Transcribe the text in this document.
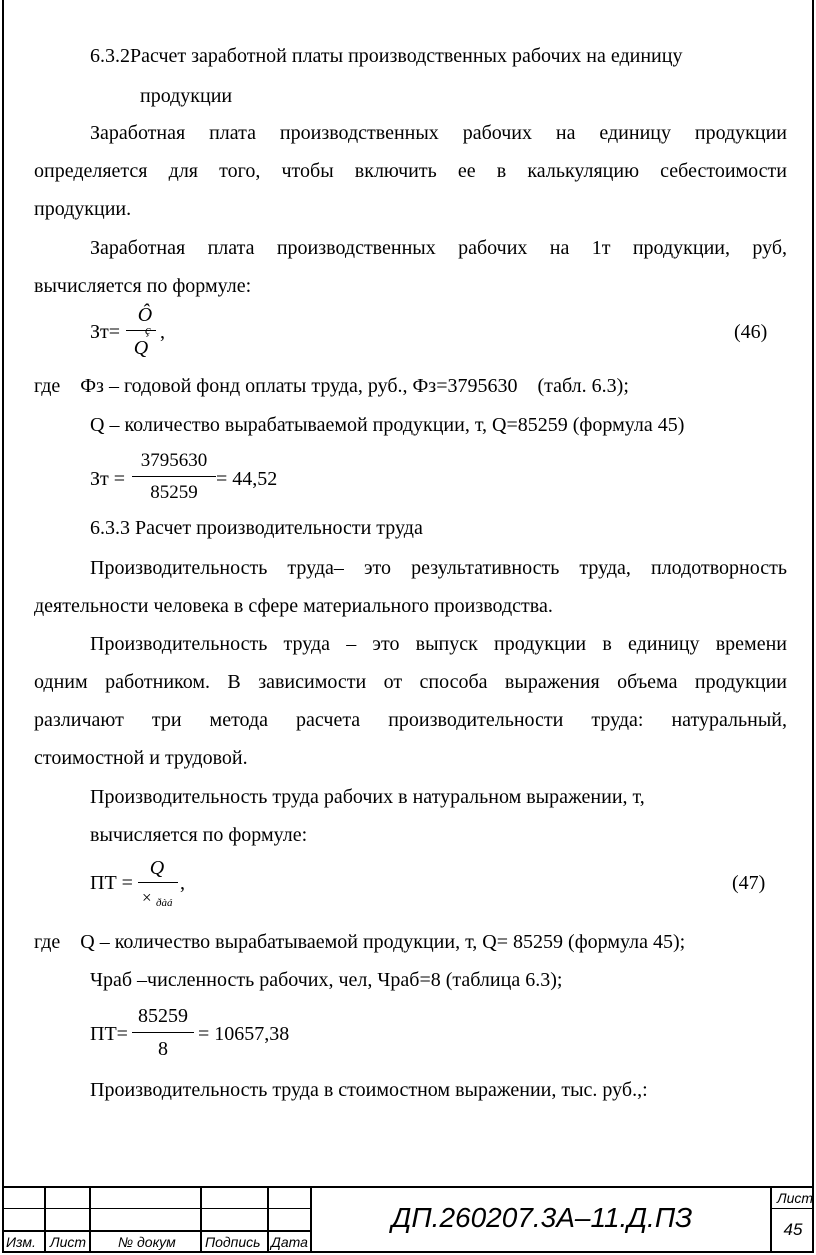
6.3.2Расчет заработной платы производственных рабочих на единицу
продукции
Заработная плата производственных рабочих на единицу продукции
определяется для того, чтобы включить ее в калькуляцию себестоимости
продукции.
Заработная плата производственных рабочих на 1т продукции, руб,
вычисляется по формуле:
Зт=
Ô
ç
Q
,	(46)
где    Фз – годовой фонд оплаты труда, руб., Фз=3795630    (табл. 6.3);
Q – количество вырабатываемой продукции, т, Q=85259 (формула 45)
Зт =
3795630
85259
= 44,52
6.3.3 Расчет производительности труда
Производительность труда– это результативность труда, плодотворность
деятельности человека в сфере материального производства.
Производительность труда – это выпуск продукции в единицу времени
одним работником. В зависимости от способа выражения объема продукции
различают три метода расчета производительности труда: натуральный,
стоимостной и трудовой.
Производительность труда рабочих в натуральном выражении, т,
вычисляется по формуле:
ПТ =
Q
× ðàá
,	(47)
где    Q – количество вырабатываемой продукции, т, Q= 85259 (формула 45);
Чраб –численность рабочих, чел, Чраб=8 (таблица 6.3);
ПТ=
85259
8
= 10657,38
Производительность труда в стоимостном выражении, тыс. руб.,:
Изм. Лист № докум Подпись Дата
ДП.260207.3А–11.Д.ПЗ
Лист
45
